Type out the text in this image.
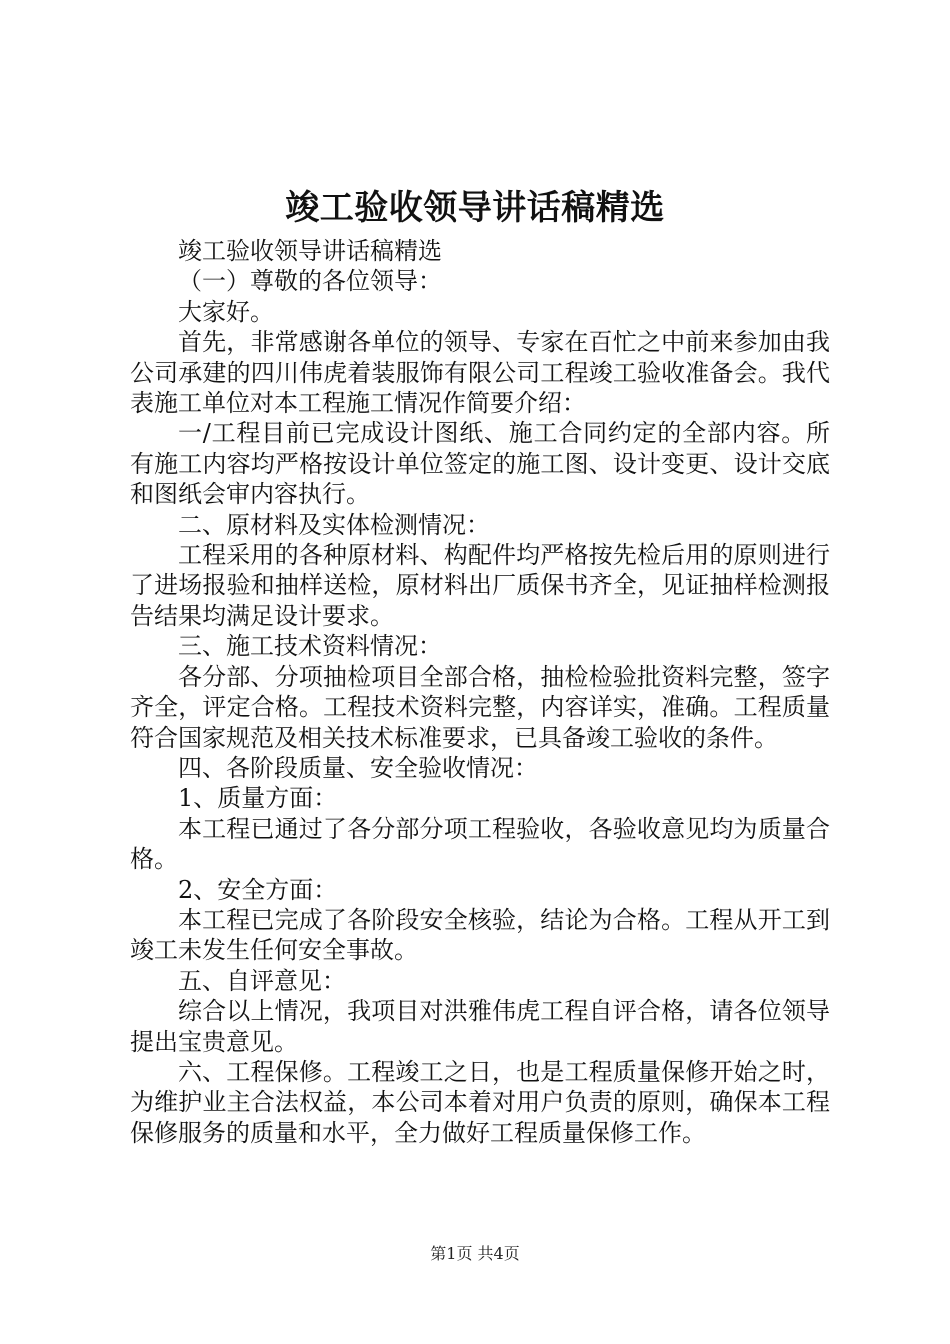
竣工验收领导讲话稿精选

竣工验收领导讲话稿精选

（一）尊敬的各位领导：

大家好。

首先，非常感谢各单位的领导、专家在百忙之中前来参加由我公司承建的四川伟虎着装服饰有限公司工程竣工验收准备会。我代表施工单位对本工程施工情况作简要介绍：

一/工程目前已完成设计图纸、施工合同约定的全部内容。所有施工内容均严格按设计单位签定的施工图、设计变更、设计交底和图纸会审内容执行。

二、原材料及实体检测情况：

工程采用的各种原材料、构配件均严格按先检后用的原则进行了进场报验和抽样送检，原材料出厂质保书齐全，见证抽样检测报告结果均满足设计要求。

三、施工技术资料情况：

各分部、分项抽检项目全部合格，抽检检验批资料完整，签字齐全，评定合格。工程技术资料完整，内容详实，准确。工程质量符合国家规范及相关技术标准要求，已具备竣工验收的条件。

四、各阶段质量、安全验收情况：

1、质量方面：

本工程已通过了各分部分项工程验收，各验收意见均为质量合格。

2、安全方面：

本工程已完成了各阶段安全核验，结论为合格。工程从开工到竣工未发生任何安全事故。

五、自评意见：

综合以上情况，我项目对洪雅伟虎工程自评合格，请各位领导提出宝贵意见。

六、工程保修。工程竣工之日，也是工程质量保修开始之时，为维护业主合法权益，本公司本着对用户负责的原则，确保本工程保修服务的质量和水平，全力做好工程质量保修工作。

第1页 共4页
